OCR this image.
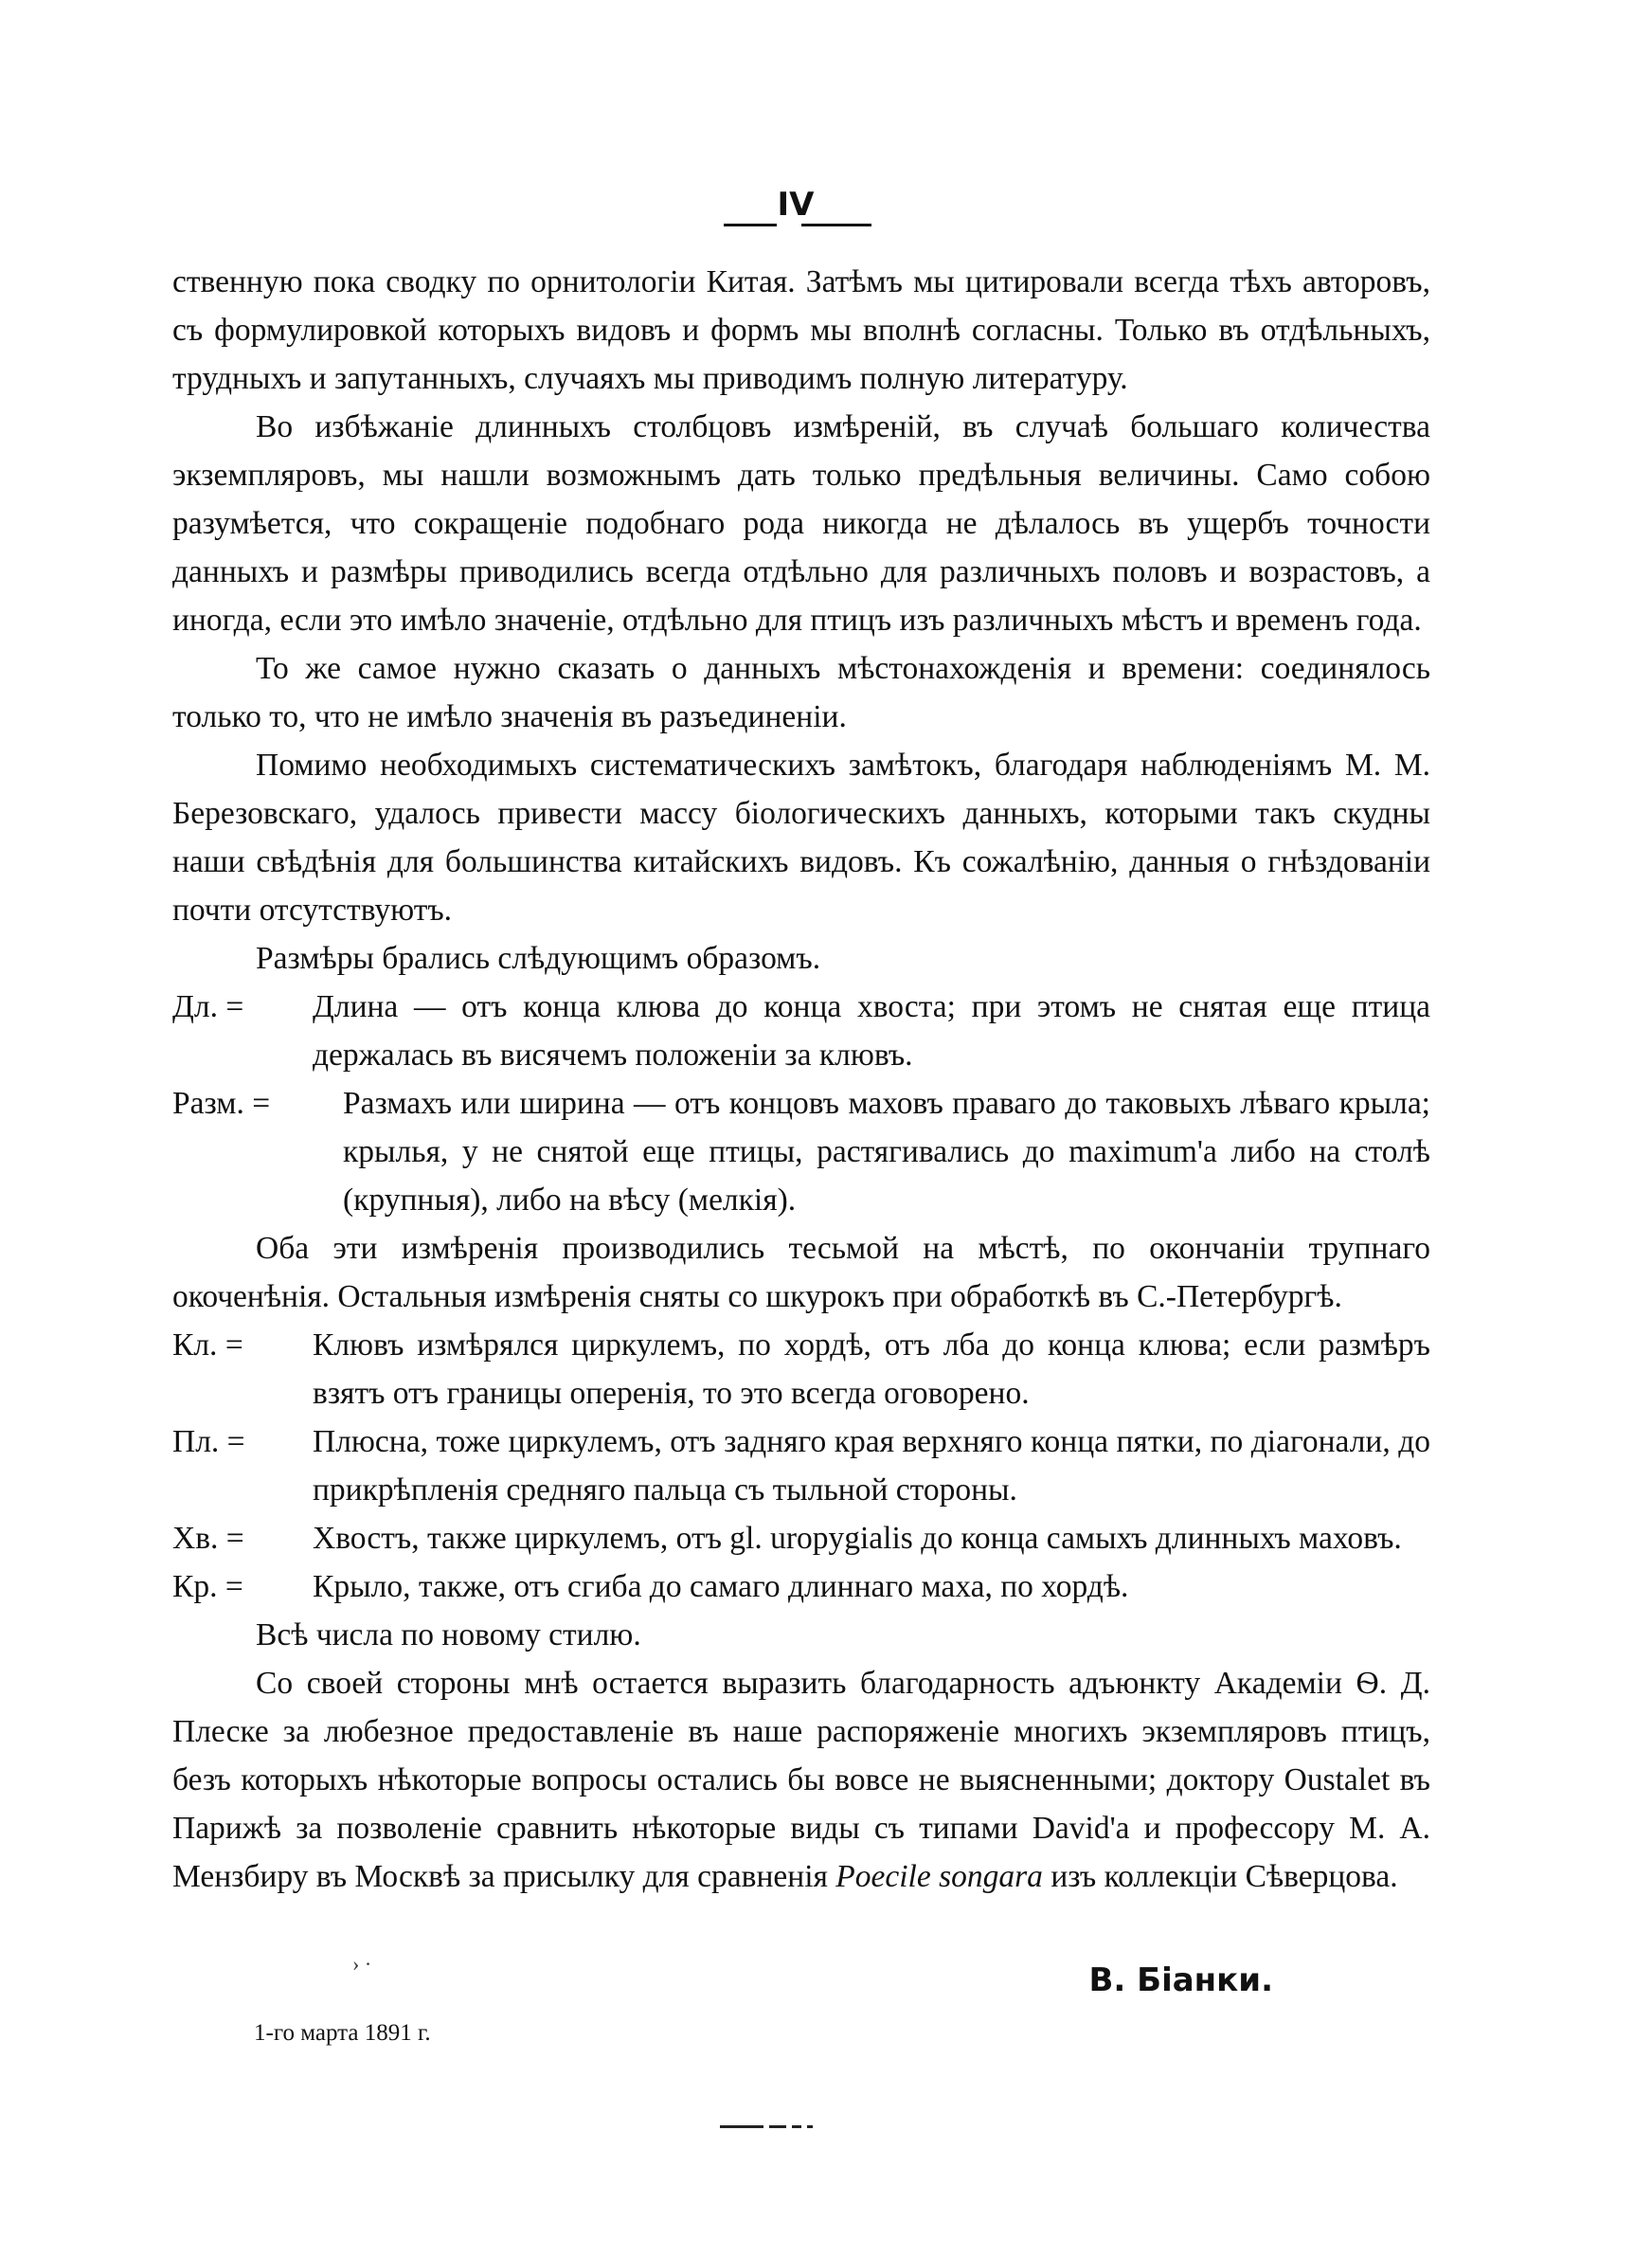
IV

ственную пока сводку по орнитологіи Китая. Затѣмъ мы цитировали всегда тѣхъ авторовъ, съ формулировкой которыхъ видовъ и формъ мы вполнѣ согласны. Только въ отдѣльныхъ, трудныхъ и запутанныхъ, случаяхъ мы приводимъ полную литературу.

Во избѣжаніе длинныхъ столбцовъ измѣреній, въ случаѣ большаго количества экземпляровъ, мы нашли возможнымъ дать только предѣльныя величины. Само собою разумѣется, что сокращеніе подобнаго рода никогда не дѣлалось въ ущербъ точности данныхъ и размѣры приводились всегда отдѣльно для различныхъ половъ и возрастовъ, а иногда, если это имѣло значеніе, отдѣльно для птицъ изъ различныхъ мѣстъ и временъ года.

То же самое нужно сказать о данныхъ мѣстонахожденія и времени: соединялось только то, что не имѣло значенія въ разъединеніи.

Помимо необходимыхъ систематическихъ замѣтокъ, благодаря наблюденіямъ М. М. Березовскаго, удалось привести массу біологическихъ данныхъ, которыми такъ скудны наши свѣдѣнія для большинства китайскихъ видовъ. Къ сожалѣнію, данныя о гнѣздованіи почти отсутствуютъ.

Размѣры брались слѣдующимъ образомъ.

Дл. = Длина — отъ конца клюва до конца хвоста; при этомъ не снятая еще птица держалась въ висячемъ положеніи за клювъ.

Разм. = Размахъ или ширина — отъ концовъ маховъ праваго до таковыхъ лѣваго крыла; крылья, у не снятой еще птицы, растягивались до maximum'а либо на столѣ (крупныя), либо на вѣсу (мелкія).

Оба эти измѣренія производились тесьмой на мѣстѣ, по окончаніи трупнаго окоченѣнія. Остальныя измѣренія сняты со шкурокъ при обработкѣ въ С.-Петербургѣ.

Кл. = Клювъ измѣрялся циркулемъ, по хордѣ, отъ лба до конца клюва; если размѣръ взятъ отъ границы оперенія, то это всегда оговорено.

Пл. = Плюсна, тоже циркулемъ, отъ задняго края верхняго конца пятки, по діагонали, до прикрѣпленія средняго пальца съ тыльной стороны.

Хв. = Хвостъ, также циркулемъ, отъ gl. uropygialis до конца самыхъ длинныхъ маховъ.

Кр. = Крыло, также, отъ сгиба до самаго длиннаго маха, по хордѣ.

Всѣ числа по новому стилю.

Со своей стороны мнѣ остается выразить благодарность адъюнкту Академіи Ѳ. Д. Плеске за любезное предоставленіе въ наше распоряженіе многихъ экземпляровъ птицъ, безъ которыхъ нѣкоторые вопросы остались бы вовсе не выясненными; доктору Oustalet въ Парижѣ за позволеніе сравнить нѣкоторые виды съ типами David'а и профессору М. А. Мензбиру въ Москвѣ за присылку для сравненія Poecile songara изъ коллекціи Сѣверцова.

› ·	В. Біанки.
1-го марта 1891 г.
